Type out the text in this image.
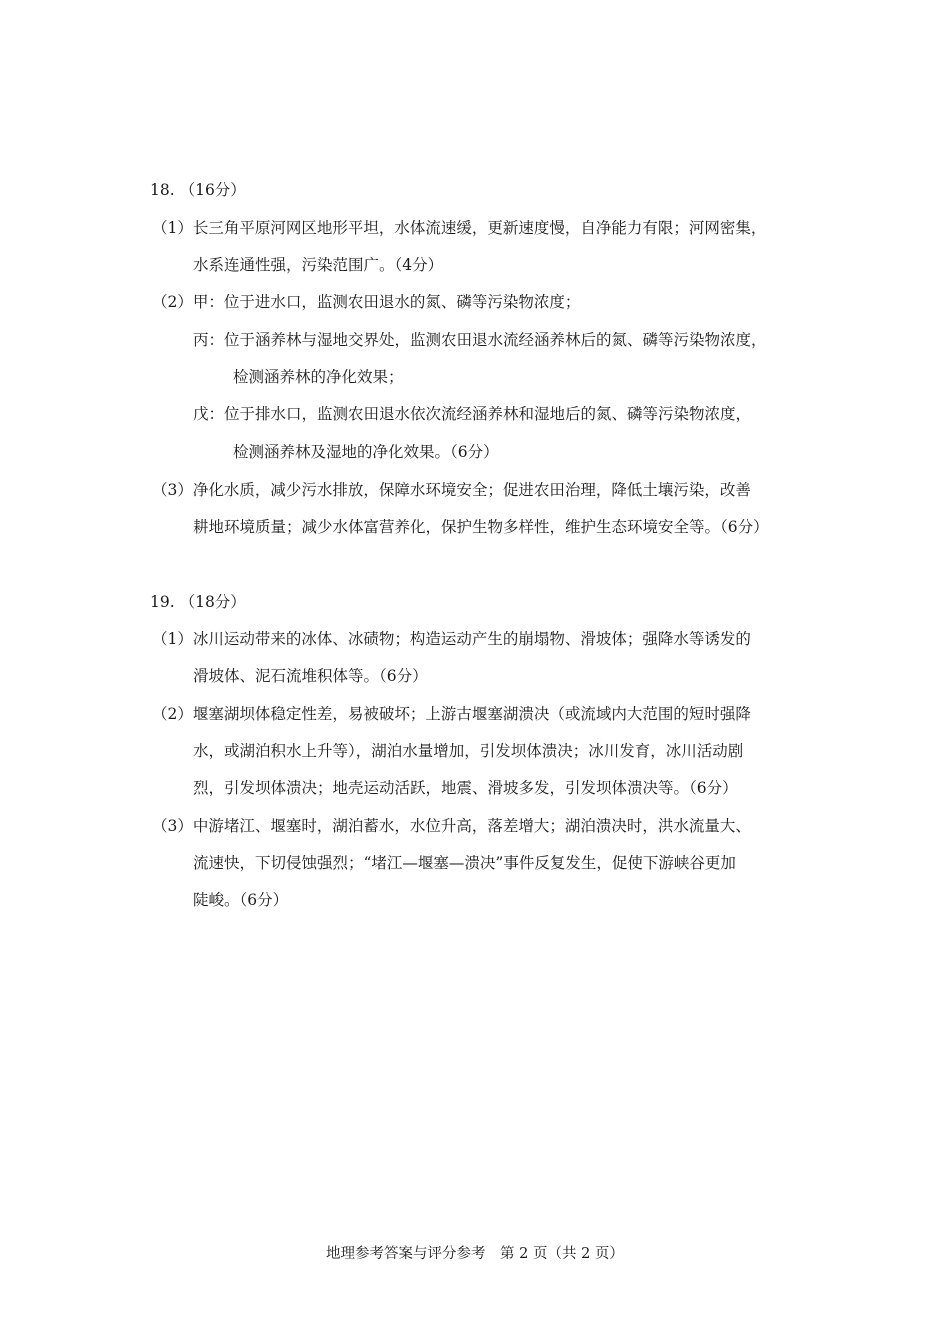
18. （16分）
（1）长三角平原河网区地形平坦，水体流速缓，更新速度慢，自净能力有限；河网密集，
水系连通性强，污染范围广。（4分）
（2）甲：位于进水口，监测农田退水的氮、磷等污染物浓度；
丙：位于涵养林与湿地交界处，监测农田退水流经涵养林后的氮、磷等污染物浓度，
检测涵养林的净化效果；
戊：位于排水口，监测农田退水依次流经涵养林和湿地后的氮、磷等污染物浓度，
检测涵养林及湿地的净化效果。（6分）
（3）净化水质，减少污水排放，保障水环境安全；促进农田治理，降低土壤污染，改善
耕地环境质量；减少水体富营养化，保护生物多样性，维护生态环境安全等。（6分）
19. （18分）
（1）冰川运动带来的冰体、冰碛物；构造运动产生的崩塌物、滑坡体；强降水等诱发的
滑坡体、泥石流堆积体等。（6分）
（2）堰塞湖坝体稳定性差，易被破坏；上游古堰塞湖溃决（或流域内大范围的短时强降
水，或湖泊积水上升等），湖泊水量增加，引发坝体溃决；冰川发育，冰川活动剧
烈，引发坝体溃决；地壳运动活跃，地震、滑坡多发，引发坝体溃决等。（6分）
（3）中游堵江、堰塞时，湖泊蓄水，水位升高，落差增大；湖泊溃决时，洪水流量大、
流速快，下切侵蚀强烈；“堵江—堰塞—溃决”事件反复发生，促使下游峡谷更加
陡峻。（6分）
地理参考答案与评分参考　第 2 页（共 2 页）
